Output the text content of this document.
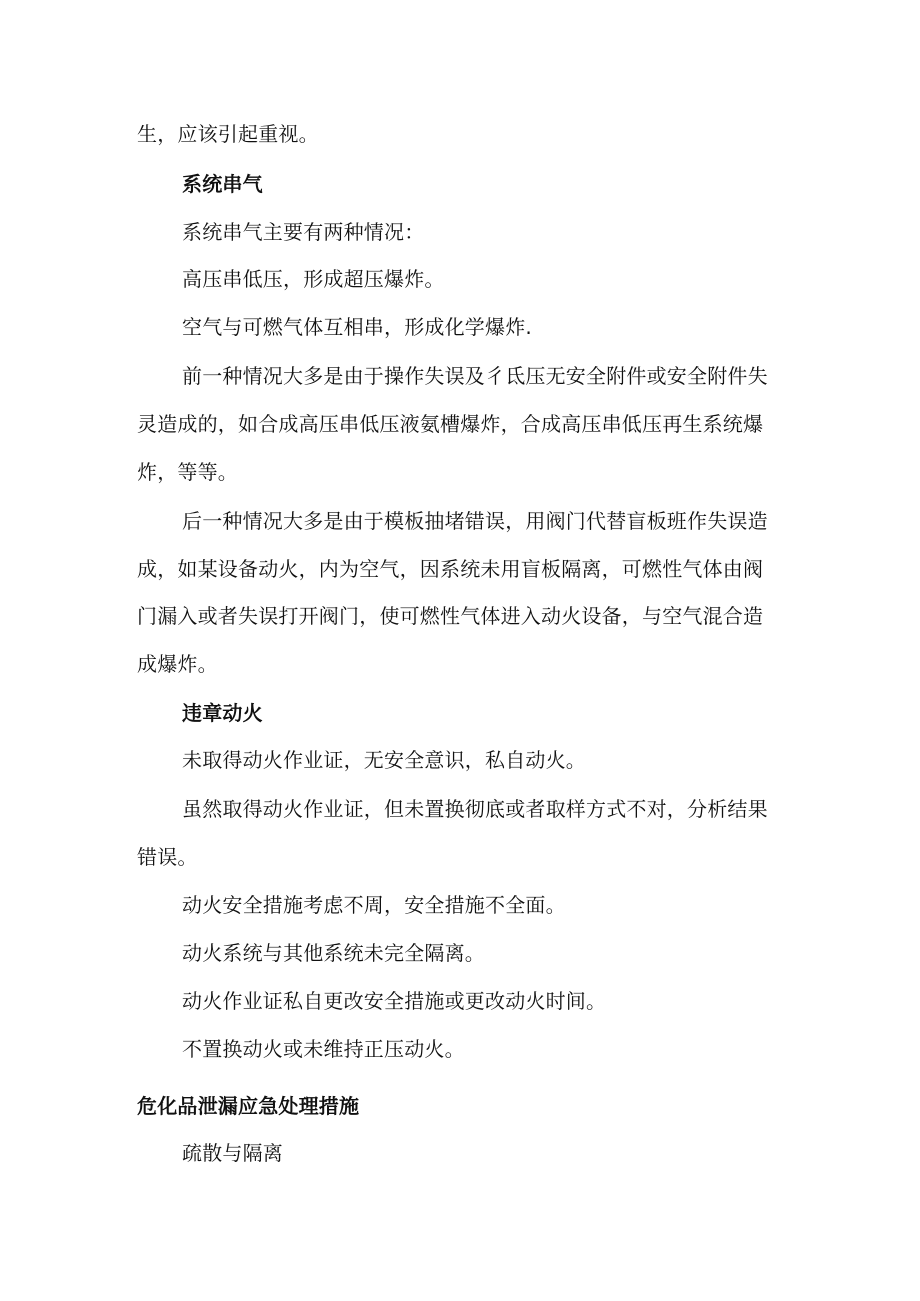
生，应该引起重视。
系统串气
系统串气主要有两种情况：
高压串低压，形成超压爆炸。
空气与可燃气体互相串，形成化学爆炸.
前一种情况大多是由于操作失误及彳氐压无安全附件或安全附件失
灵造成的，如合成高压串低压液氨槽爆炸，合成高压串低压再生系统爆
炸，等等。
后一种情况大多是由于模板抽堵错误，用阀门代替盲板班作失误造
成，如某设备动火，内为空气，因系统未用盲板隔离，可燃性气体由阀
门漏入或者失误打开阀门，使可燃性气体进入动火设备，与空气混合造
成爆炸。
违章动火
未取得动火作业证，无安全意识，私自动火。
虽然取得动火作业证，但未置换彻底或者取样方式不对，分析结果
错误。
动火安全措施考虑不周，安全措施不全面。
动火系统与其他系统未完全隔离。
动火作业证私自更改安全措施或更改动火时间。
不置换动火或未维持正压动火。
危化品泄漏应急处理措施
疏散与隔离
